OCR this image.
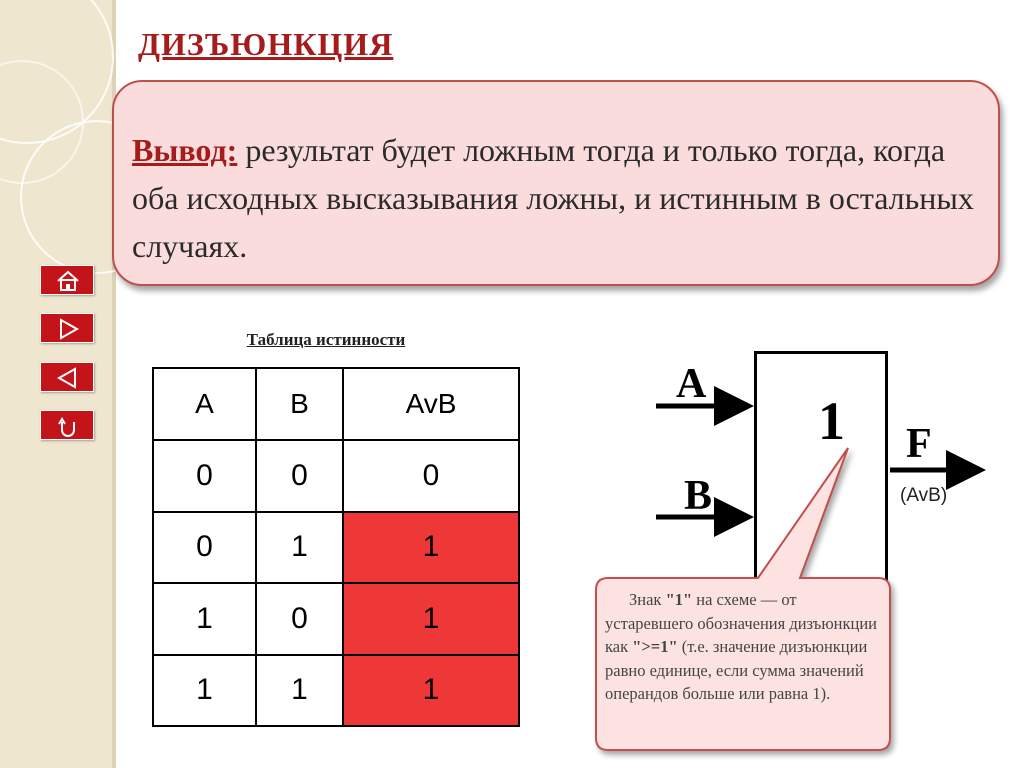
ДИЗЪЮНКЦИЯ

Вывод: результат будет ложным тогда и только тогда, когда оба исходных высказывания ложны, и истинным в остальных случаях.

Таблица истинности
A	B	AvB
0	0	0
0	1	1
1	0	1
1	1	1
1
A
B
F
(AvB)

Знак "1" на схеме — от устаревшего обозначения дизъюнкции как ">=1" (т.е. значение дизъюнкции равно единице, если сумма значений операндов больше или равна 1).
